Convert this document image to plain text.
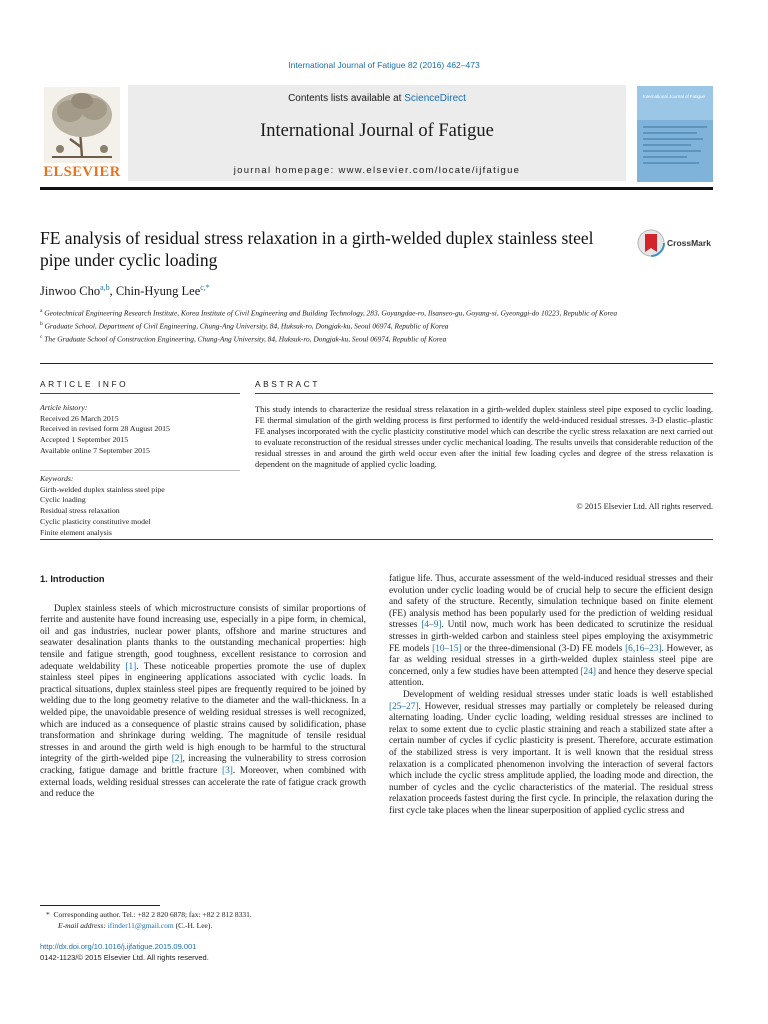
International Journal of Fatigue 82 (2016) 462–473
ELSEVIER
Contents lists available at ScienceDirect
International Journal of Fatigue
journal homepage: www.elsevier.com/locate/ijfatigue
International Journal of Fatigue
FE analysis of residual stress relaxation in a girth-welded duplex stainless steel pipe under cyclic loading
CrossMark
Jinwoo Cho$^{a,b}$, Chin-Hyung Lee$^{c,*}$
$^a$ Geotechnical Engineering Research Institute, Korea Institute of Civil Engineering and Building Technology, 283, Goyangdae-ro, Ilsanseo-gu, Goyang-si, Gyeonggi-do 10223, Republic of Korea
$^b$ Graduate School, Department of Civil Engineering, Chung-Ang University, 84, Huksuk-ro, Dongjak-ku, Seoul 06974, Republic of Korea
$^c$ The Graduate School of Construction Engineering, Chung-Ang University, 84, Huksuk-ro, Dongjak-ku, Seoul 06974, Republic of Korea
ARTICLE INFO
Article history:
Received 26 March 2015
Received in revised form 28 August 2015
Accepted 1 September 2015
Available online 7 September 2015
Keywords:
Girth-welded duplex stainless steel pipe
Cyclic loading
Residual stress relaxation
Cyclic plasticity constitutive model
Finite element analysis
ABSTRACT
This study intends to characterize the residual stress relaxation in a girth-welded duplex stainless steel pipe exposed to cyclic loading. FE thermal simulation of the girth welding process is first performed to identify the weld-induced residual stresses. 3-D elastic–plastic FE analyses incorporated with the cyclic plasticity constitutive model which can describe the cyclic stress relaxation are next carried out to evaluate reconstruction of the residual stresses under cyclic mechanical loading. The results unveils that considerable reduction of the residual stresses in and around the girth weld occur even after the initial few loading cycles and degree of the stress relaxation is dependent on the magnitude of applied cyclic loading.
© 2015 Elsevier Ltd. All rights reserved.
1. Introduction

Duplex stainless steels of which microstructure consists of similar proportions of ferrite and austenite have found increasing use, especially in a pipe form, in chemical, oil and gas industries, nuclear power plants, offshore and marine structures and seawater desalination plants thanks to the outstanding mechanical properties: high tensile and fatigue strength, good toughness, excellent resistance to corrosion and adequate weldability [1]. These noticeable properties promote the use of duplex stainless steel pipes in engineering applications associated with cyclic loads. In practical situations, duplex stainless steel pipes are frequently required to be joined by welding due to the long geometry relative to the diameter and the wall-thickness. In a welded pipe, the unavoidable presence of welding residual stresses is well recognized, which are induced as a consequence of plastic strains caused by solidification, phase transformation and shrinkage during welding. The magnitude of tensile residual stresses in and around the girth weld is high enough to be harmful to the structural integrity of the girth-welded pipe [2], increasing the vulnerability to stress corrosion cracking, fatigue damage and brittle fracture [3]. Moreover, when combined with external loads, welding residual stresses can accelerate the rate of fatigue crack growth and reduce the

fatigue life. Thus, accurate assessment of the weld-induced residual stresses and their evolution under cyclic loading would be of crucial help to secure the efficient design and safety of the structure. Recently, simulation technique based on finite element (FE) analysis method has been popularly used for the prediction of welding residual stresses [4–9]. Until now, much work has been dedicated to scrutinize the residual stresses in girth-welded carbon and stainless steel pipes employing the axisymmetric FE models [10–15] or the three-dimensional (3-D) FE models [6,16–23]. However, as far as welding residual stresses in a girth-welded duplex stainless steel pipe are concerned, only a few studies have been attempted [24] and hence they deserve special attention.

Development of welding residual stresses under static loads is well established [25–27]. However, residual stresses may partially or completely be released during alternating loading. Under cyclic loading, welding residual stresses are inclined to relax to some extent due to cyclic plastic straining and reach a stabilized state after a certain number of cycles if cyclic plasticity is present. Therefore, accurate estimation of the stabilized stress is very important. It is well known that the residual stress relaxation is a complicated phenomenon involving the interaction of several factors which include the cyclic stress amplitude applied, the loading mode and direction, the number of cycles and the cyclic characteristics of the material. The residual stress relaxation proceeds fastest during the first cycle. In principle, the relaxation during the first cycle take places when the linear superposition of applied cyclic stress and

* Corresponding author. Tel.: +82 2 820 6878; fax: +82 2 812 8331.
E-mail address: ifinder11@gmail.com (C.-H. Lee).
http://dx.doi.org/10.1016/j.ijfatigue.2015.09.001
0142-1123/© 2015 Elsevier Ltd. All rights reserved.
